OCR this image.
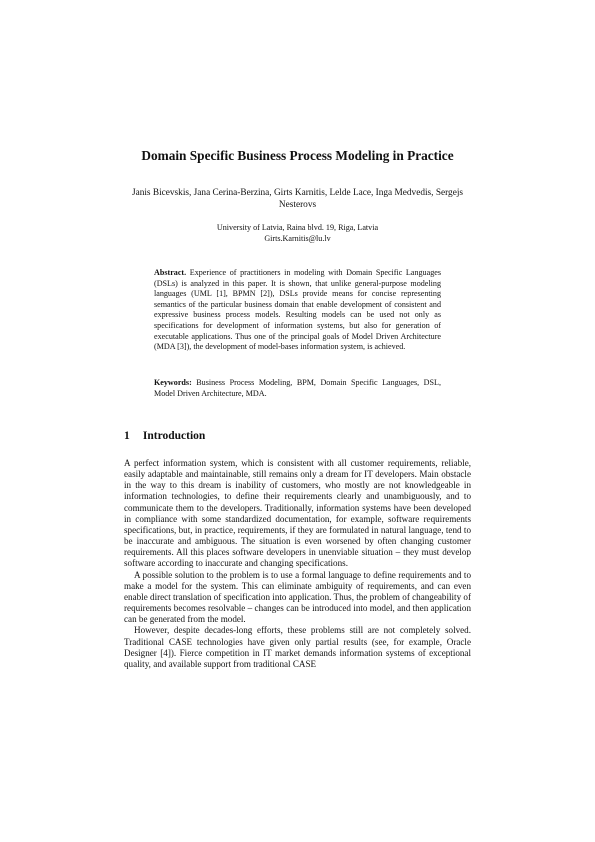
Domain Specific Business Process Modeling in Practice
Janis Bicevskis, Jana Cerina-Berzina, Girts Karnitis, Lelde Lace, Inga Medvedis, Sergejs Nesterovs
University of Latvia, Raina blvd. 19, Riga, Latvia
Girts.Karnitis@lu.lv
Abstract. Experience of practitioners in modeling with Domain Specific Languages (DSLs) is analyzed in this paper. It is shown, that unlike general-purpose modeling languages (UML [1], BPMN [2]), DSLs provide means for concise representing semantics of the particular business domain that enable development of consistent and expressive business process models. Resulting models can be used not only as specifications for development of information systems, but also for generation of executable applications. Thus one of the principal goals of Model Driven Architecture (MDA [3]), the development of model-bases information system, is achieved.
Keywords: Business Process Modeling, BPM, Domain Specific Languages, DSL, Model Driven Architecture, MDA.
1 Introduction

A perfect information system, which is consistent with all customer requirements, reliable, easily adaptable and maintainable, still remains only a dream for IT developers. Main obstacle in the way to this dream is inability of customers, who mostly are not knowledgeable in information technologies, to define their requirements clearly and unambiguously, and to communicate them to the developers. Traditionally, information systems have been developed in compliance with some standardized documentation, for example, software requirements specifications, but, in practice, requirements, if they are formulated in natural language, tend to be inaccurate and ambiguous. The situation is even worsened by often changing customer requirements. All this places software developers in unenviable situation – they must develop software according to inaccurate and changing specifications.

A possible solution to the problem is to use a formal language to define requirements and to make a model for the system. This can eliminate ambiguity of requirements, and can even enable direct translation of specification into application. Thus, the problem of changeability of requirements becomes resolvable – changes can be introduced into model, and then application can be generated from the model.

However, despite decades-long efforts, these problems still are not completely solved. Traditional CASE technologies have given only partial results (see, for example, Oracle Designer [4]). Fierce competition in IT market demands information systems of exceptional quality, and available support from traditional CASE
